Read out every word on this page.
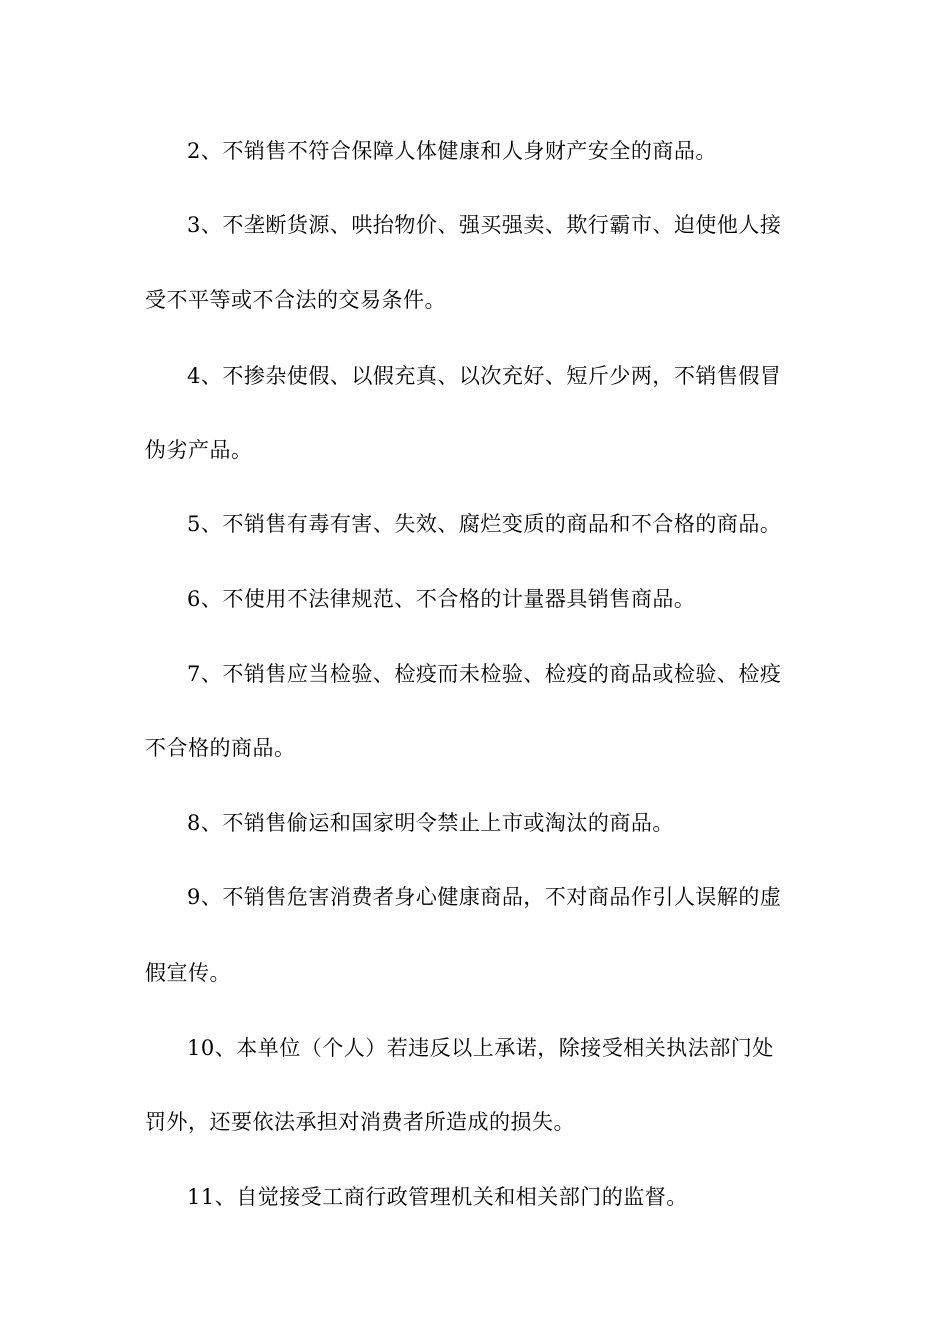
2、不销售不符合保障人体健康和人身财产安全的商品。
3、不垄断货源、哄抬物价、强买强卖、欺行霸市、迫使他人接
受不平等或不合法的交易条件。
4、不掺杂使假、以假充真、以次充好、短斤少两，不销售假冒
伪劣产品。
5、不销售有毒有害、失效、腐烂变质的商品和不合格的商品。
6、不使用不法律规范、不合格的计量器具销售商品。
7、不销售应当检验、检疫而未检验、检疫的商品或检验、检疫
不合格的商品。
8、不销售偷运和国家明令禁止上市或淘汰的商品。
9、不销售危害消费者身心健康商品，不对商品作引人误解的虚
假宣传。
10、本单位（个人）若违反以上承诺，除接受相关执法部门处
罚外，还要依法承担对消费者所造成的损失。
11、自觉接受工商行政管理机关和相关部门的监督。
